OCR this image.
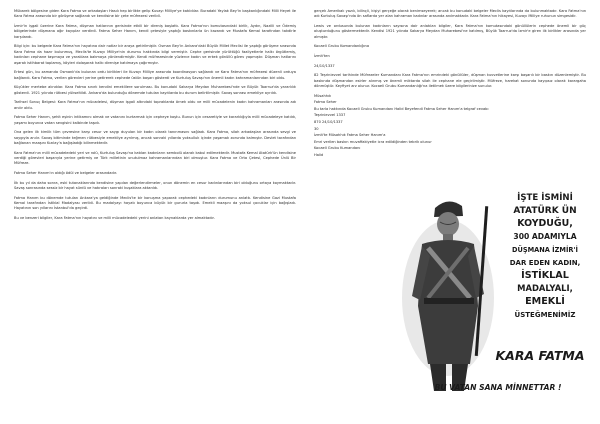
Mübarek bölgesine giden Kara Fatma ve arkadaşları Hasılı hep birlikte gelip Kuvayı Milliye'ye katıldılar. Buradaki Yaylak Bey'in başkanlığındaki Milli Heyet ile Kara Fatma arasında bir görüşme sağlandı ve kendisine bir çete müfrezesi verildi.

İzmir'in işgali üzerine Kara Fatma, düşman hatlarının gerisinde etkili bir direniş başlattı. Kara Fatma'nın komutasındaki birlik, Aydın, Nazilli ve Ödemiş bölgelerinde düşmana ağır kayıplar verdirdi. Fatma Seher Hanım, kendi çetesiyle yaptığı baskınlarla ün kazandı ve Mustafa Kemal tarafından takdirle karşılandı.

Bilgi için: bu belgede Kara Fatma'nın hayatına dair notlar bir araya getirilmiştir. Osman Bey'in Ankara'daki Büyük Millet Meclisi ile yaptığı görüşme sırasında Kara Fatma da hazır bulunmuş, Meclis'te Kuvayı Milliye'nin durumu hakkında bilgi vermiştir. Cephe gerisinde yürüttüğü faaliyetlerle halkı örgütlemiş, kadınları cephane taşımaya ve yaralılara bakmaya yönlendirmiştir. Kendi müfrezesinde yüzlerce kadın ve erkek gönüllü görev yapmıştır. Düşman hatlarını aşarak istihbarat toplamış, köyleri dolaşarak halkı direnişe katılmaya çağırmıştır.

Ertesi gün, bu zamanda Osmanlı'da bulunan ordu birlikleri ile Kuvayı Milliye arasında koordinasyon sağlandı ve Kara Fatma'nın müfrezesi düzenli orduya bağlandı. Kara Fatma, verilen görevleri yerine getirerek cephede üstün başarı gösterdi ve Kurtuluş Savaşı'nın önemli kadın kahramanlarından biri oldu.

Küçükler mertebe alındılar. Kara Fatma sınırlı kendini emeklilere sorulması. Bu konudaki Sakarya Meydan Muharebesi'nde ve Büyük Taarruz'da yararlılık gösterdi. 1921 yılında rütbesi yükseltildi. Ankara'da bulunduğu dönemde tutulan kayıtlarda bu durum belirtilmiştir. Savaş sonrası emekliye ayrıldı.

Tarihsel Sonuç Belgesi: Kara Fatma'nın mücadelesi, düşman işgali altındaki topraklarda örnek oldu ve milli mücadelenin kadın kahramanları arasında adı anılır oldu.

Fatma Seher Hanım, şehit eşinin intikamını almak ve vatanını kurtarmak için cepheye koştu. Bunun için cesaretiyle ve kararlılığıyla milli mücadeleye katıldı, yaşamı boyunca vatan sevgisini kalbinde taşıdı.

Ona gelen ilk kimlik tüm çevresine karşı cesur ve saygı duyulan bir kadın olarak tanınmasını sağladı. Kara Fatma, silah arkadaşları arasında sevgi ve saygıyla anılır. Savaş bitiminde teğmen rütbesiyle emekliye ayrılmış, ancak sonraki yıllarda yoksulluk içinde yaşamak zorunda kalmıştır. Devlet tarafından bağlanan maaşını Kızılay'a bağışladığı bilinmektedir.

Kara Fatma'nın milli mücadeledeki yeri ve rolü, Kurtuluş Savaşı'na katılan kadınların sembolü olarak kabul edilmektedir. Mustafa Kemal Atatürk'ün kendisine verdiği görevleri başarıyla yerine getirmiş ve Türk milletinin unutulmaz kahramanlarından biri olmuştur. Kara Fatma ve Orta Çetesi, Cephede Ünlü Bir Müfreze.

Fatma Seher Hanım'ın aldığı ödül ve belgeler arasındadır.

İlk bu yıl da daha sonra, eski tutanaklarında kendisine yapılan değerlendirmeler, onun dönemin en cesur kadınlarından biri olduğunu ortaya koymaktadır. Savaş sonrasında sessiz bir hayat sürdü ve hatıraları sonraki kuşaklara aktarıldı.

Fatma Hanım bu dönemde tutulan Ankara'ya geldiğinde Meclis'te bir konuşma yaparak cephedeki kadınların durumunu anlattı. Kendisine Gazi Mustafa Kemal tarafından İstiklal Madalyası verildi. Bu madalyayı hayatı boyunca büyük bir gururla taşıdı. Emekli maaşını da yoksul çocuklar için bağışladı. Hayatının son yıllarını İstanbul'da geçirdi.

Bu ve benzeri bilgiler, Kara Fatma'nın hayatını ve milli mücadeledeki yerini anlatan kaynaklarda yer almaktadır.

gerçek Amerikalı yazılı, bilinçli, kişiyi gerçeğe olarak benimseyerek; ancak bu konudaki belgeler Meclis kayıtlarında da bulunmaktadır. Kara Fatma'nın adı Kurtuluş Savaşı'nda ön saflarda yer alan kahraman kadınlar arasında anılmaktadır. Kara Fatma'nın hikayesi, Kuvayı Milliye ruhunun simgesidir.

Lewis ve ordusunda bulunan kadınların sayısına dair anlatılan bilgiler, Kara Fatma'nın komutasındaki gönüllülerin cephede önemli bir güç oluşturduğunu göstermektedir. Kendisi 1921 yılında Sakarya Meydan Muharebesi'ne katılmış, Büyük Taarruz'da İzmir'e giren ilk birlikler arasında yer almıştır.

Kocaeli Grubu Komandanlığına

İzmit'ten

24/10/1337

82 Teşrinievvel tarihinde Müfrezeler Kumandanı Kara Fatma'nın emrindeki gönüllüler, düşman kuvvetlerine karşı başarılı bir baskın düzenlemiştir. Bu baskında düşmandan esirler alınmış ve önemli miktarda silah ile cephane ele geçirilmiştir. Müfreze, harekat sonunda kayıpsız olarak karargaha dönmüştür. Keyfiyet arz olunur. Kocaeli Grubu Kumandanlığı'na iletilmek üzere bilgilerinize sunulur.

Müsahhık

Fatma Seher

Bu tarla hakkında Kocaeli Grubu Kumandanı Halid Beyefendi Fatma Seher Hanım'a telgraf cevabı

Teşrinievvel 1337

870 24/10/1337

30

İzmit'te Müsahhık Fatma Seher Hanım'a

Emri verilen baskın muvaffakiyetle icra edildiğinden tebrik olunur

Kocaeli Grubu Kumandanı

Halid

İŞTE İSMİNİ
ATATÜRK ÜN
KOYDUĞU,
300 ADAMIYLA
DÜŞMANA İZMİR'İ
DAR EDEN KADIN,
İSTİKLAL
MADALYALI,
EMEKLİ
ÜSTEĞMENİMİZ
KARA FATMA
BU VATAN SANA MİNNETTAR !
